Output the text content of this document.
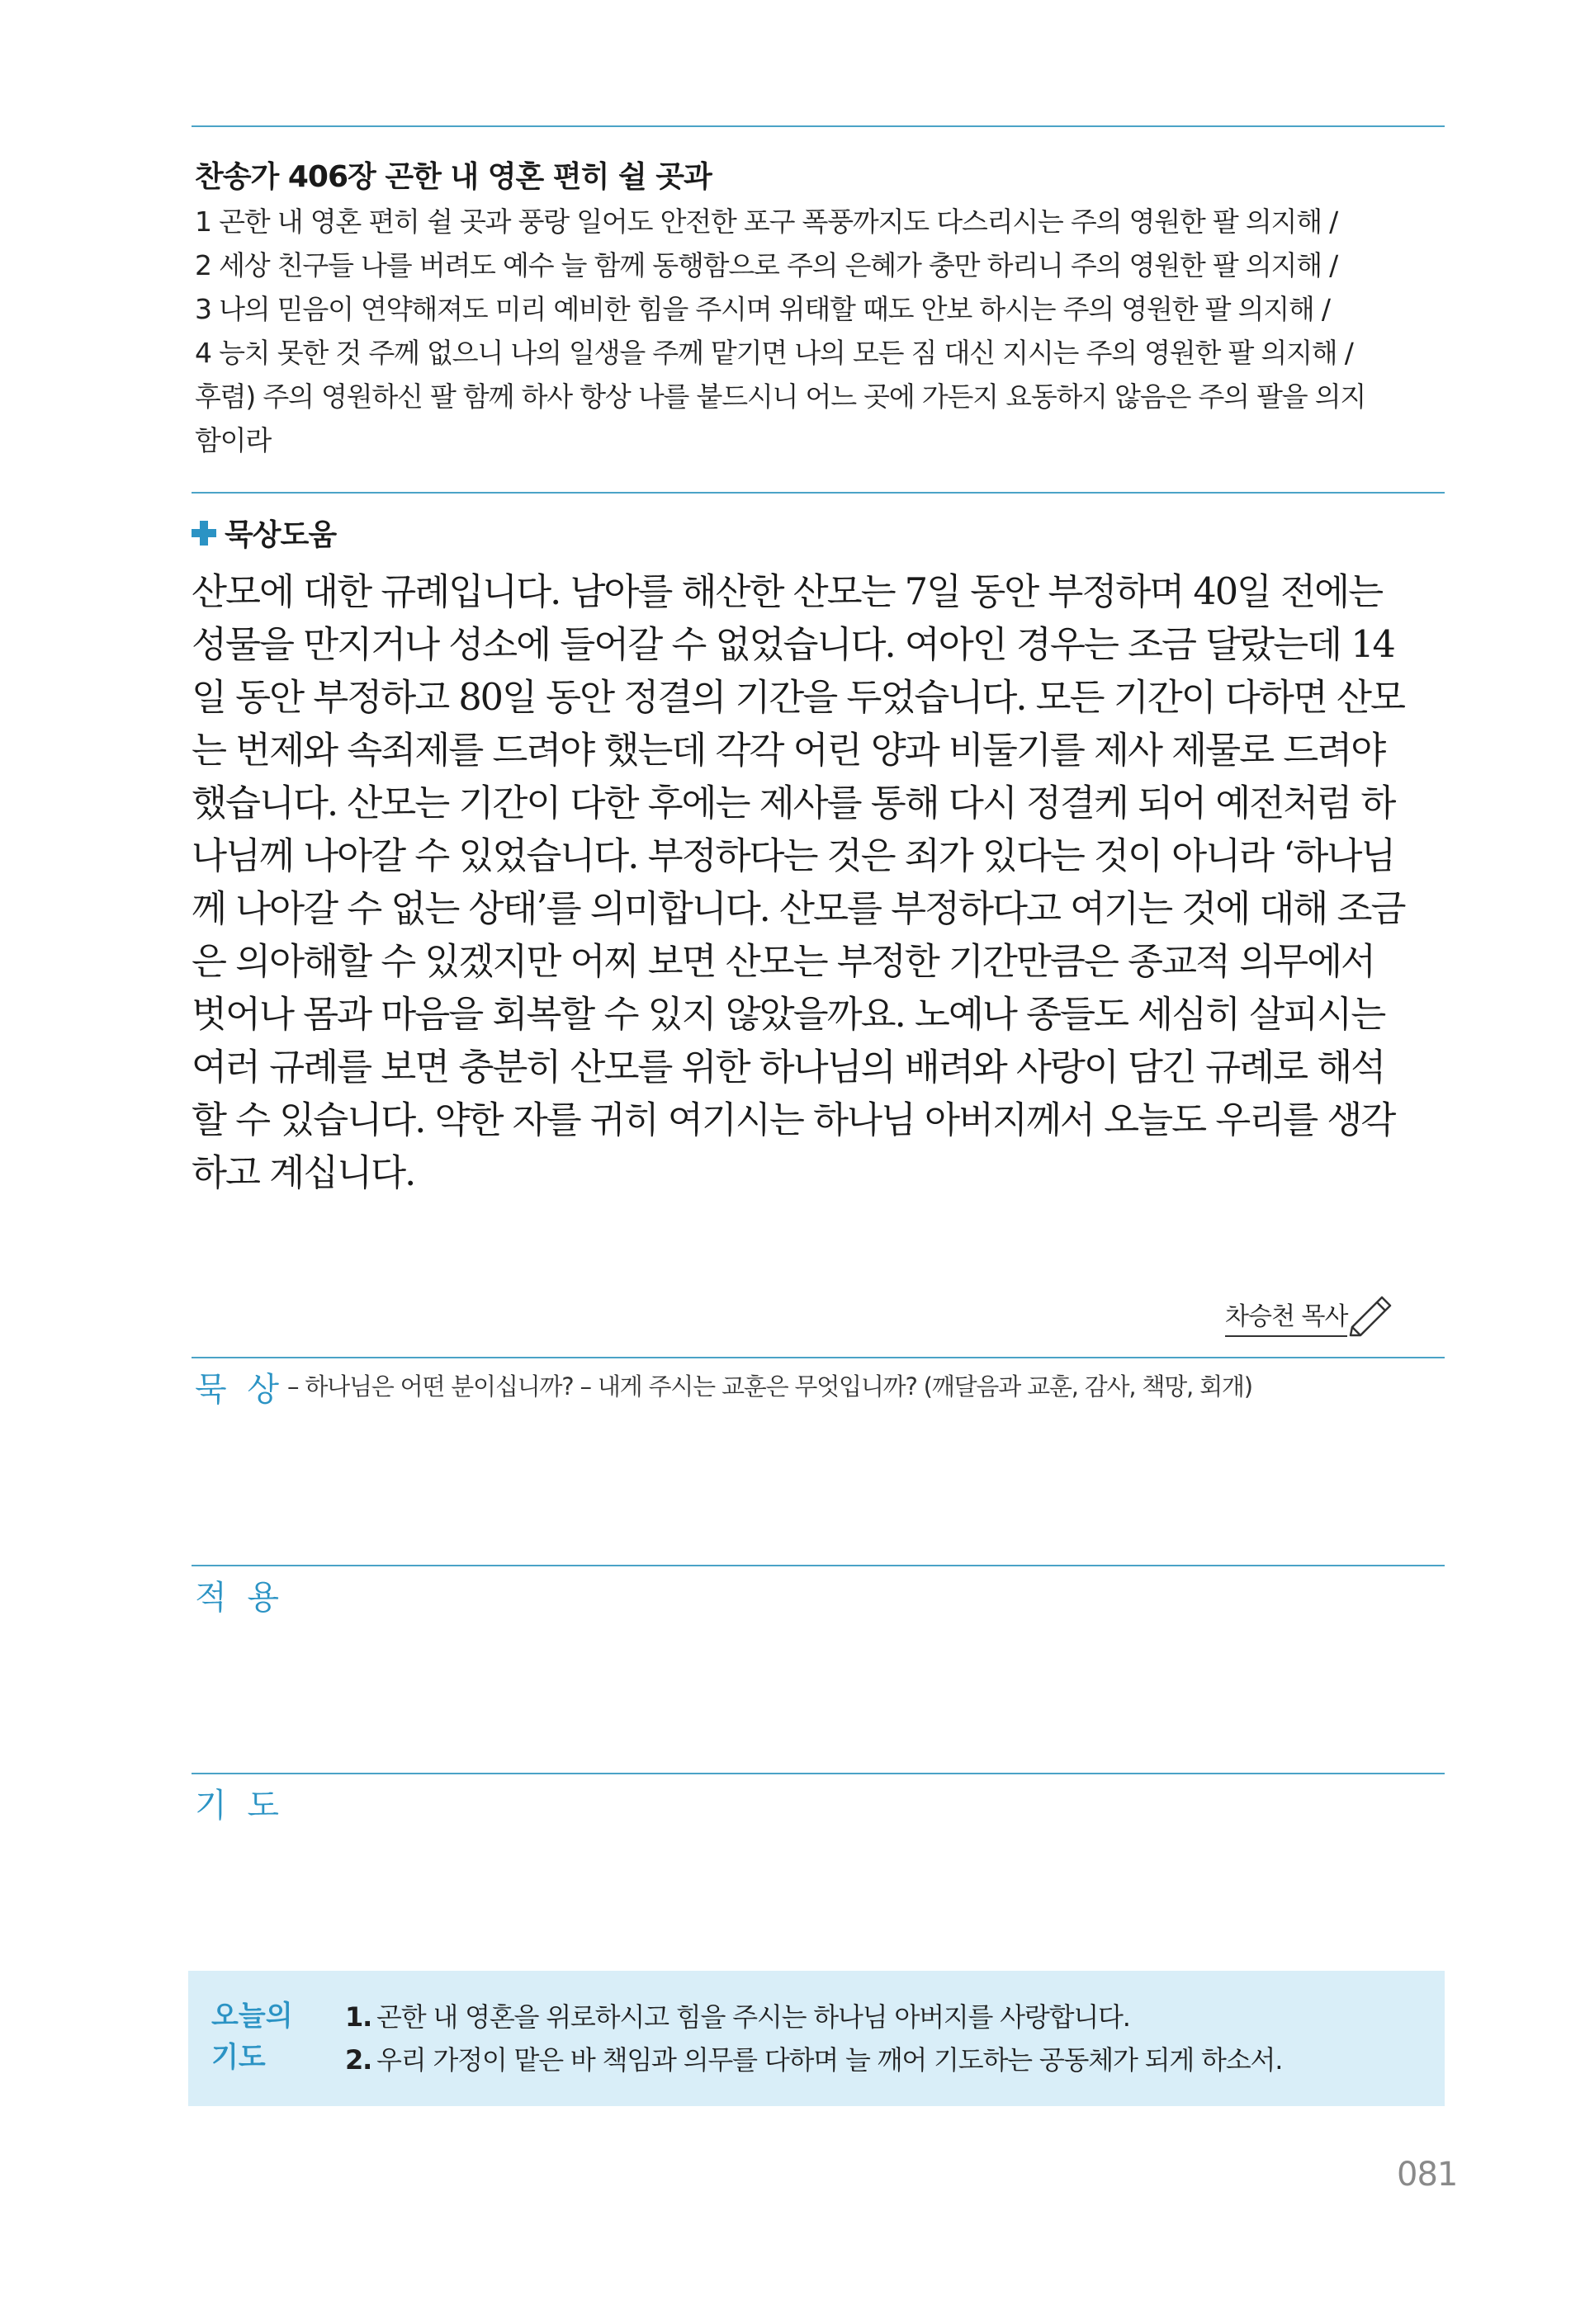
찬송가 406장 곤한 내 영혼 편히 쉴 곳과
1 곤한 내 영혼 편히 쉴 곳과 풍랑 일어도 안전한 포구 폭풍까지도 다스리시는 주의 영원한 팔 의지해 /
2 세상 친구들 나를 버려도 예수 늘 함께 동행함으로 주의 은혜가 충만 하리니 주의 영원한 팔 의지해 /
3 나의 믿음이 연약해져도 미리 예비한 힘을 주시며 위태할 때도 안보 하시는 주의 영원한 팔 의지해 /
4 능치 못한 것 주께 없으니 나의 일생을 주께 맡기면 나의 모든 짐 대신 지시는 주의 영원한 팔 의지해 /
후렴) 주의 영원하신 팔 함께 하사 항상 나를 붙드시니 어느 곳에 가든지 요동하지 않음은 주의 팔을 의지
함이라
묵상도움
산모에 대한 규례입니다. 남아를 해산한 산모는 7일 동안 부정하며 40일 전에는
성물을 만지거나 성소에 들어갈 수 없었습니다. 여아인 경우는 조금 달랐는데 14
일 동안 부정하고 80일 동안 정결의 기간을 두었습니다. 모든 기간이 다하면 산모
는 번제와 속죄제를 드려야 했는데 각각 어린 양과 비둘기를 제사 제물로 드려야
했습니다. 산모는 기간이 다한 후에는 제사를 통해 다시 정결케 되어 예전처럼 하
나님께 나아갈 수 있었습니다. 부정하다는 것은 죄가 있다는 것이 아니라 ‘하나님
께 나아갈 수 없는 상태’를 의미합니다. 산모를 부정하다고 여기는 것에 대해 조금
은 의아해할 수 있겠지만 어찌 보면 산모는 부정한 기간만큼은 종교적 의무에서
벗어나 몸과 마음을 회복할 수 있지 않았을까요. 노예나 종들도 세심히 살피시는
여러 규례를 보면 충분히 산모를 위한 하나님의 배려와 사랑이 담긴 규례로 해석
할 수 있습니다. 약한 자를 귀히 여기시는 하나님 아버지께서 오늘도 우리를 생각
하고 계십니다.
차승천 목사
묵 상 – 하나님은 어떤 분이십니까? – 내게 주시는 교훈은 무엇입니까? (깨달음과 교훈, 감사, 책망, 회개)
적 용
기 도
오늘의
기도
1. 곤한 내 영혼을 위로하시고 힘을 주시는 하나님 아버지를 사랑합니다.
2. 우리 가정이 맡은 바 책임과 의무를 다하며 늘 깨어 기도하는 공동체가 되게 하소서.
081
